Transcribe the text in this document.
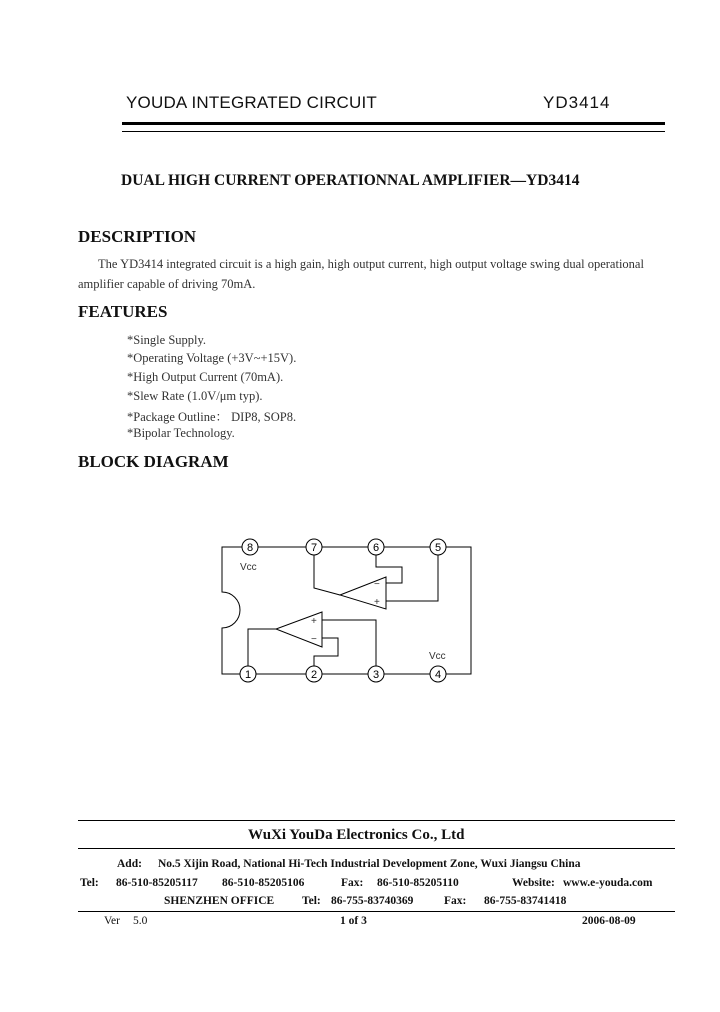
YOUDA INTEGRATED CIRCUIT	YD3414
DUAL HIGH CURRENT OPERATIONNAL AMPLIFIER—YD3414
DESCRIPTION
The YD3414 integrated circuit is a high gain, high output current, high output voltage swing dual operational
amplifier capable of driving 70mA.
FEATURES
*Single Supply.
*Operating Voltage (+3V~+15V).
*High Output Current (70mA).
*Slew Rate (1.0V/μm typ).
*Package Outline： DIP8, SOP8.
*Bipolar Technology.
BLOCK DIAGRAM
8	7	6	5
1	2	3	4
Vcc
Vcc
−
+
+
−
WuXi YouDa Electronics Co., Ltd
Add: No.5 Xijin Road, National Hi-Tech Industrial Development Zone, Wuxi Jiangsu China
Tel: 86-510-85205117 86-510-85205106	Fax: 86-510-85205110	Website: www.e-youda.com
SHENZHEN OFFICE Tel: 86-755-83740369	Fax: 86-755-83741418
Ver 5.0	1 of 3	2006-08-09
